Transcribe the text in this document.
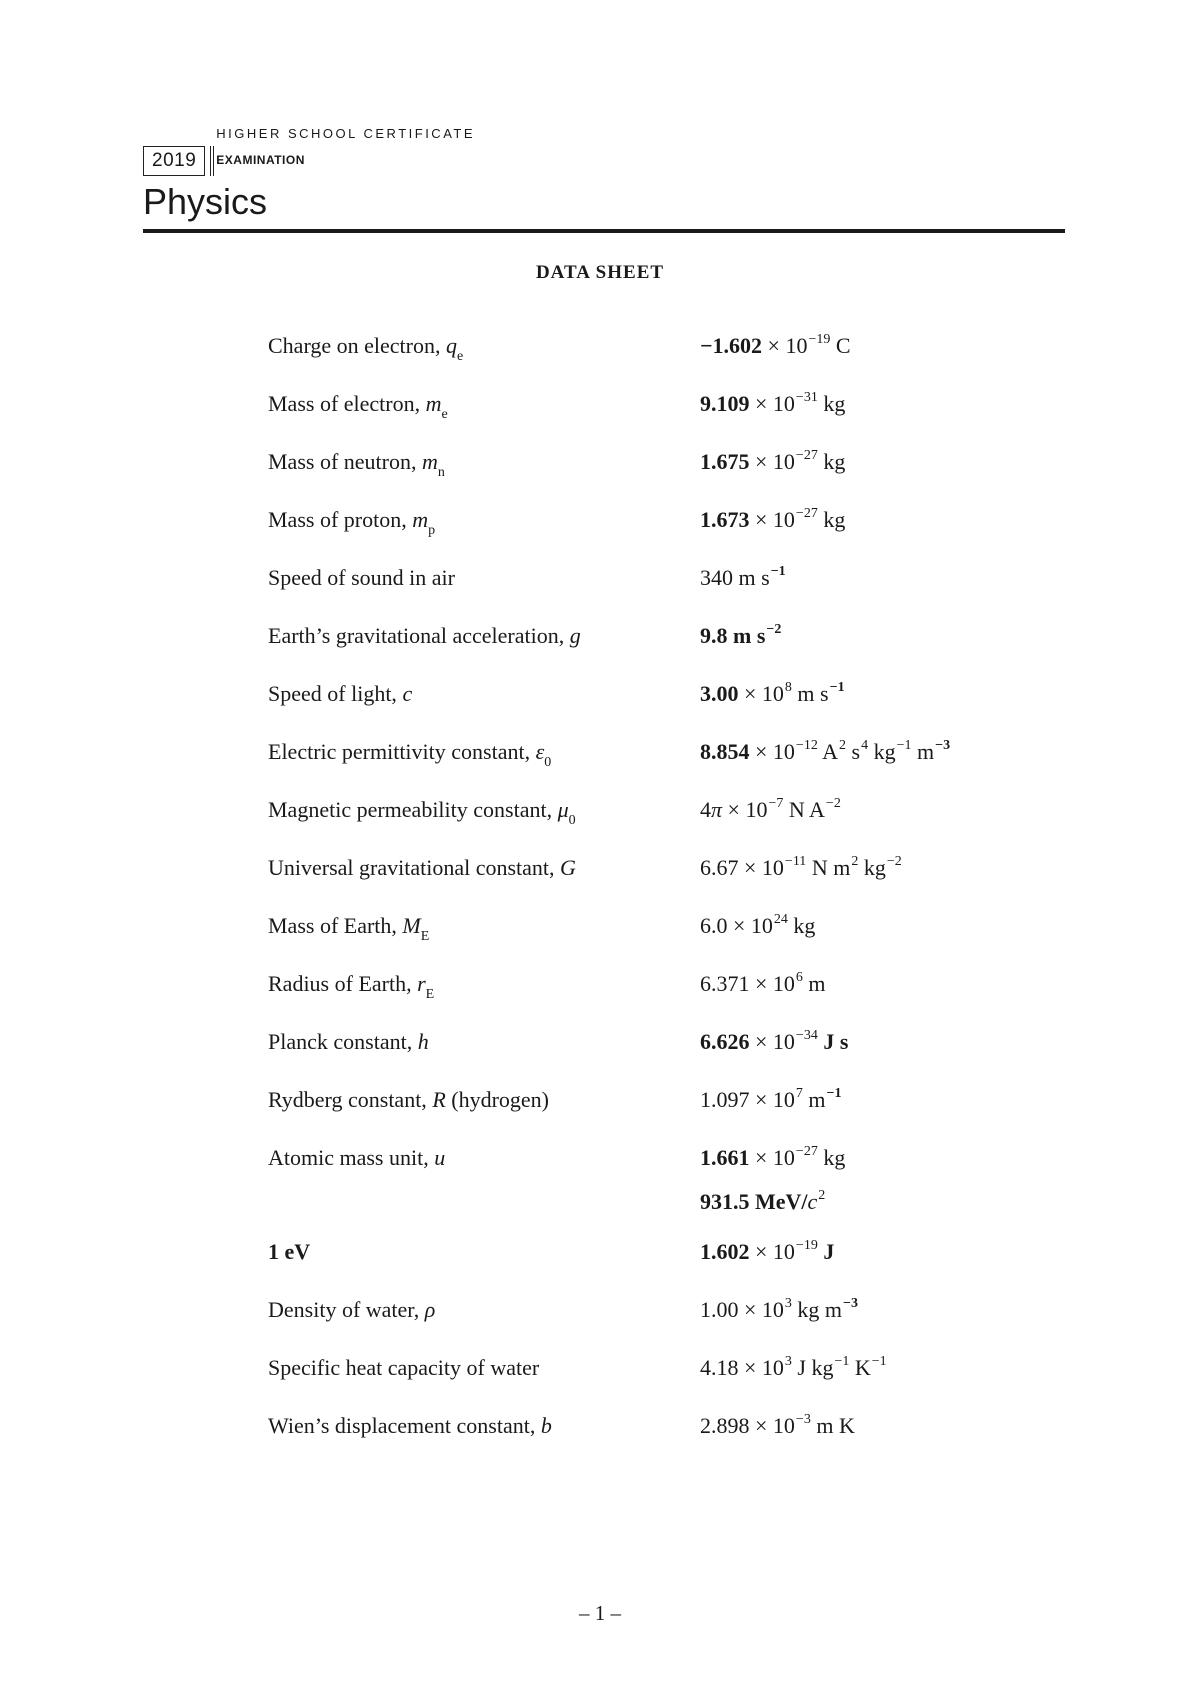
2019
HIGHER SCHOOL CERTIFICATE
EXAMINATION
Physics
DATA SHEET
Charge on electron, $q_e$	$-1.602 \times 10^{-19}$ C
Mass of electron, $m_e$	$9.109 \times 10^{-31}$ kg
Mass of neutron, $m_n$	$1.675 \times 10^{-27}$ kg
Mass of proton, $m_p$	$1.673 \times 10^{-27}$ kg
Speed of sound in air	340 m $s^{-1}$
Earth’s gravitational acceleration, g	9.8 m $s^{-2}$
Speed of light, c	$3.00 \times 10^8$ m $s^{-1}$
Electric permittivity constant, $\varepsilon_0$	$8.854 \times 10^{-12}$ $A^2$ $s^4$ $kg^{-1}$ $m^{-3}$
Magnetic permeability constant, $\mu_0$	$4\pi \times 10^{-7}$ N $A^{-2}$
Universal gravitational constant, G	$6.67 \times 10^{-11}$ N $m^2$ $kg^{-2}$
Mass of Earth, $M_E$	$6.0 \times 10^{24}$ kg
Radius of Earth, $r_E$	$6.371 \times 10^6$ m
Planck constant, h	$6.626 \times 10^{-34}$ J s
Rydberg constant, R (hydrogen)	$1.097 \times 10^7$ $m^{-1}$
Atomic mass unit, u	$1.661 \times 10^{-27}$ kg
931.5 MeV/$c^2$
1 eV	$1.602 \times 10^{-19}$ J
Density of water, ρ	$1.00 \times 10^3$ kg $m^{-3}$
Specific heat capacity of water	$4.18 \times 10^3$ J $kg^{-1}$ $K^{-1}$
Wien’s displacement constant, b	$2.898 \times 10^{-3}$ m K
– 1 –
